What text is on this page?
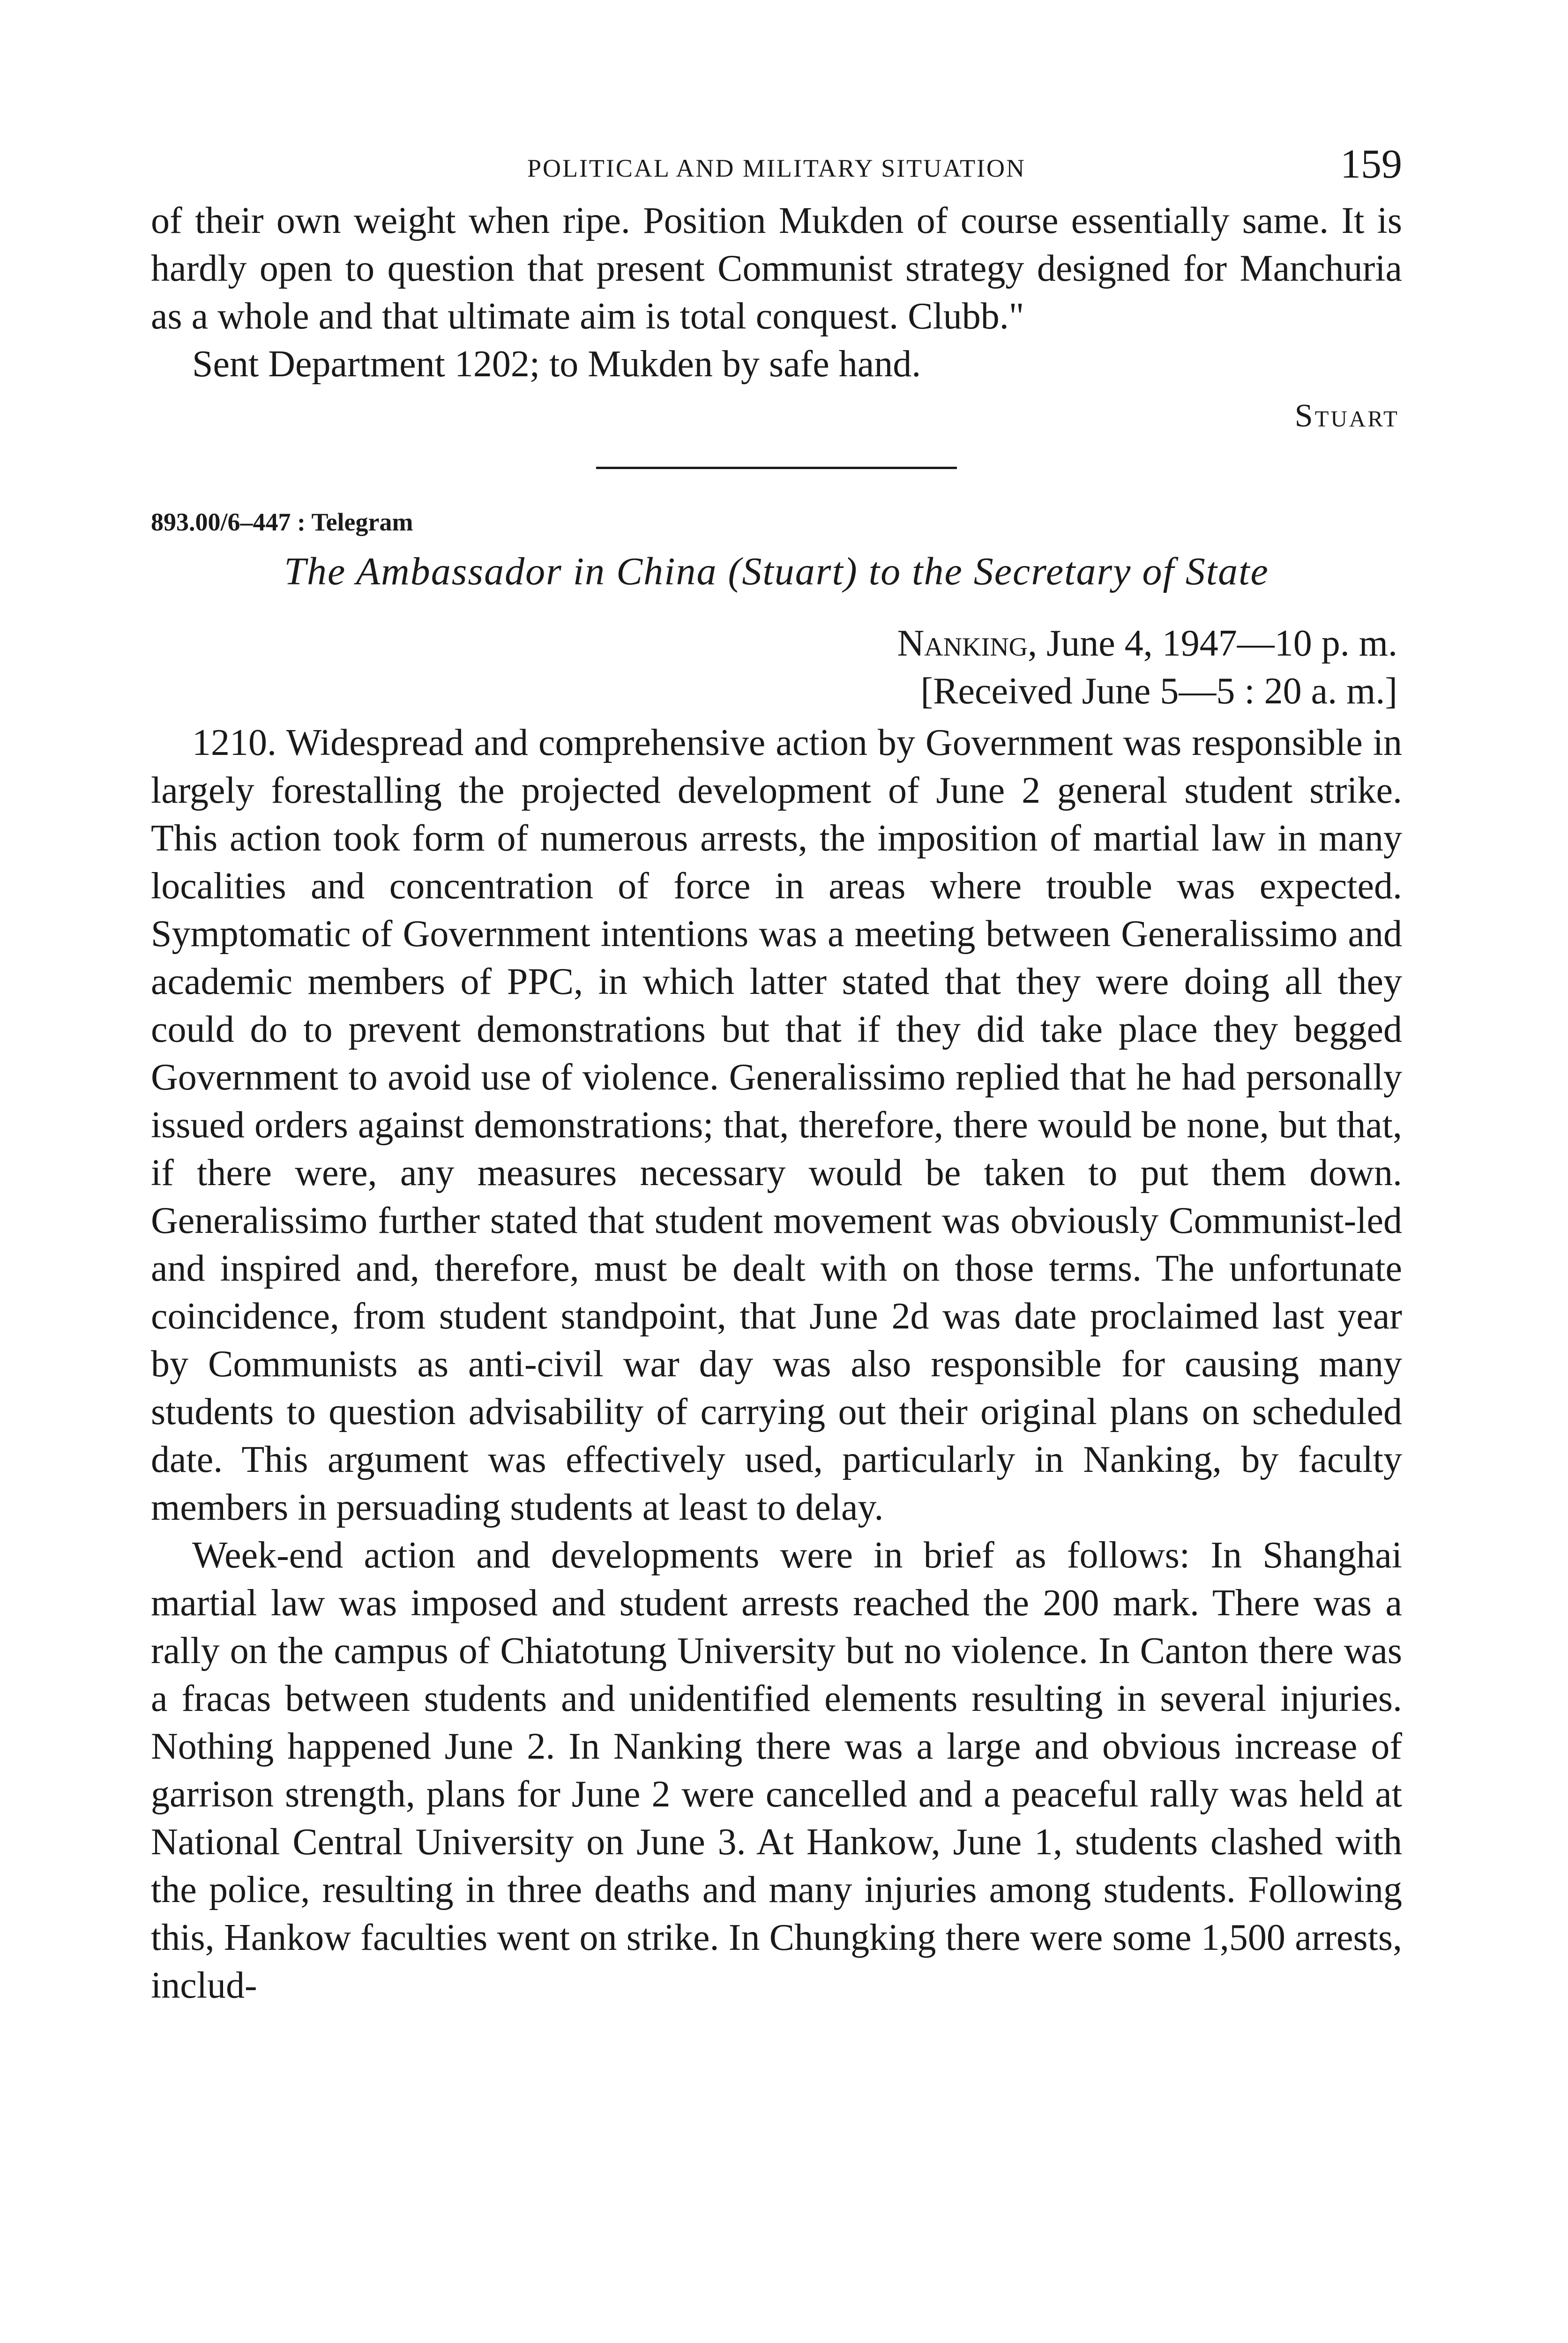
POLITICAL AND MILITARY SITUATION	159

of their own weight when ripe. Position Mukden of course essentially same. It is hardly open to question that present Communist strategy designed for Manchuria as a whole and that ultimate aim is total conquest. Clubb."

Sent Department 1202; to Mukden by safe hand.

Stuart
893.00/6–447 : Telegram
The Ambassador in China (Stuart) to the Secretary of State
Nanking, June 4, 1947—10 p. m.
[Received June 5—5 : 20 a. m.]

1210. Widespread and comprehensive action by Government was responsible in largely forestalling the projected development of June 2 general student strike. This action took form of numerous arrests, the imposition of martial law in many localities and concentration of force in areas where trouble was expected. Symptomatic of Government intentions was a meeting between Generalissimo and academic members of PPC, in which latter stated that they were doing all they could do to prevent demonstrations but that if they did take place they begged Government to avoid use of violence. Generalissimo replied that he had personally issued orders against demonstrations; that, therefore, there would be none, but that, if there were, any measures necessary would be taken to put them down. Generalissimo further stated that student movement was obviously Communist-led and inspired and, therefore, must be dealt with on those terms. The unfortunate coincidence, from student standpoint, that June 2d was date proclaimed last year by Communists as anti-civil war day was also responsible for causing many students to question advisability of carrying out their original plans on scheduled date. This argument was effectively used, particularly in Nanking, by faculty members in persuading students at least to delay.

Week-end action and developments were in brief as follows: In Shanghai martial law was imposed and student arrests reached the 200 mark. There was a rally on the campus of Chiatotung University but no violence. In Canton there was a fracas between students and unidentified elements resulting in several injuries. Nothing happened June 2. In Nanking there was a large and obvious increase of garrison strength, plans for June 2 were cancelled and a peaceful rally was held at National Central University on June 3. At Hankow, June 1, students clashed with the police, resulting in three deaths and many injuries among students. Following this, Hankow faculties went on strike. In Chungking there were some 1,500 arrests, includ-
